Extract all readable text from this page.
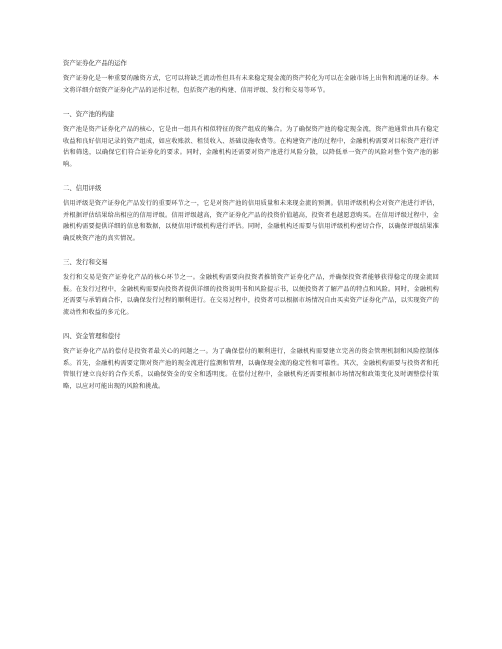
资产证券化产品的运作

资产证券化是一种重要的融资方式，它可以将缺乏流动性但具有未来稳定现金流的资产转化为可以在金融市场上出售和流通的证券。本文将详细介绍资产证券化产品的运作过程，包括资产池的构建、信用评级、发行和交易等环节。

一、资产池的构建

资产池是资产证券化产品的核心，它是由一组具有相似特征的资产组成的集合。为了确保资产池的稳定现金流，资产池通常由具有稳定收益和良好信用记录的资产组成，如应收账款、租赁收入、基础设施收费等。在构建资产池的过程中，金融机构需要对目标资产进行评估和筛选，以确保它们符合证券化的要求。同时，金融机构还需要对资产池进行风险分散，以降低单一资产的风险对整个资产池的影响。

二、信用评级

信用评级是资产证券化产品发行的重要环节之一，它是对资产池的信用质量和未来现金流的预测。信用评级机构会对资产池进行评估，并根据评估结果给出相应的信用评级。信用评级越高，资产证券化产品的投资价值越高，投资者也越愿意购买。在信用评级过程中，金融机构需要提供详细的信息和数据，以便信用评级机构进行评估。同时，金融机构还需要与信用评级机构密切合作，以确保评级结果准确反映资产池的真实情况。

三、发行和交易

发行和交易是资产证券化产品的核心环节之一。金融机构需要向投资者推销资产证券化产品，并确保投资者能够获得稳定的现金流回报。在发行过程中，金融机构需要向投资者提供详细的投资说明书和风险提示书，以便投资者了解产品的特点和风险。同时，金融机构还需要与承销商合作，以确保发行过程的顺利进行。在交易过程中，投资者可以根据市场情况自由买卖资产证券化产品，以实现资产的流动性和收益的多元化。

四、资金管理和偿付

资产证券化产品的偿付是投资者最关心的问题之一。为了确保偿付的顺利进行，金融机构需要建立完善的资金管理机制和风险控制体系。首先，金融机构需要定期对资产池的现金流进行监测和管理，以确保现金流的稳定性和可靠性。其次，金融机构需要与投资者和托管银行建立良好的合作关系，以确保资金的安全和透明度。在偿付过程中，金融机构还需要根据市场情况和政策变化及时调整偿付策略，以应对可能出现的风险和挑战。
